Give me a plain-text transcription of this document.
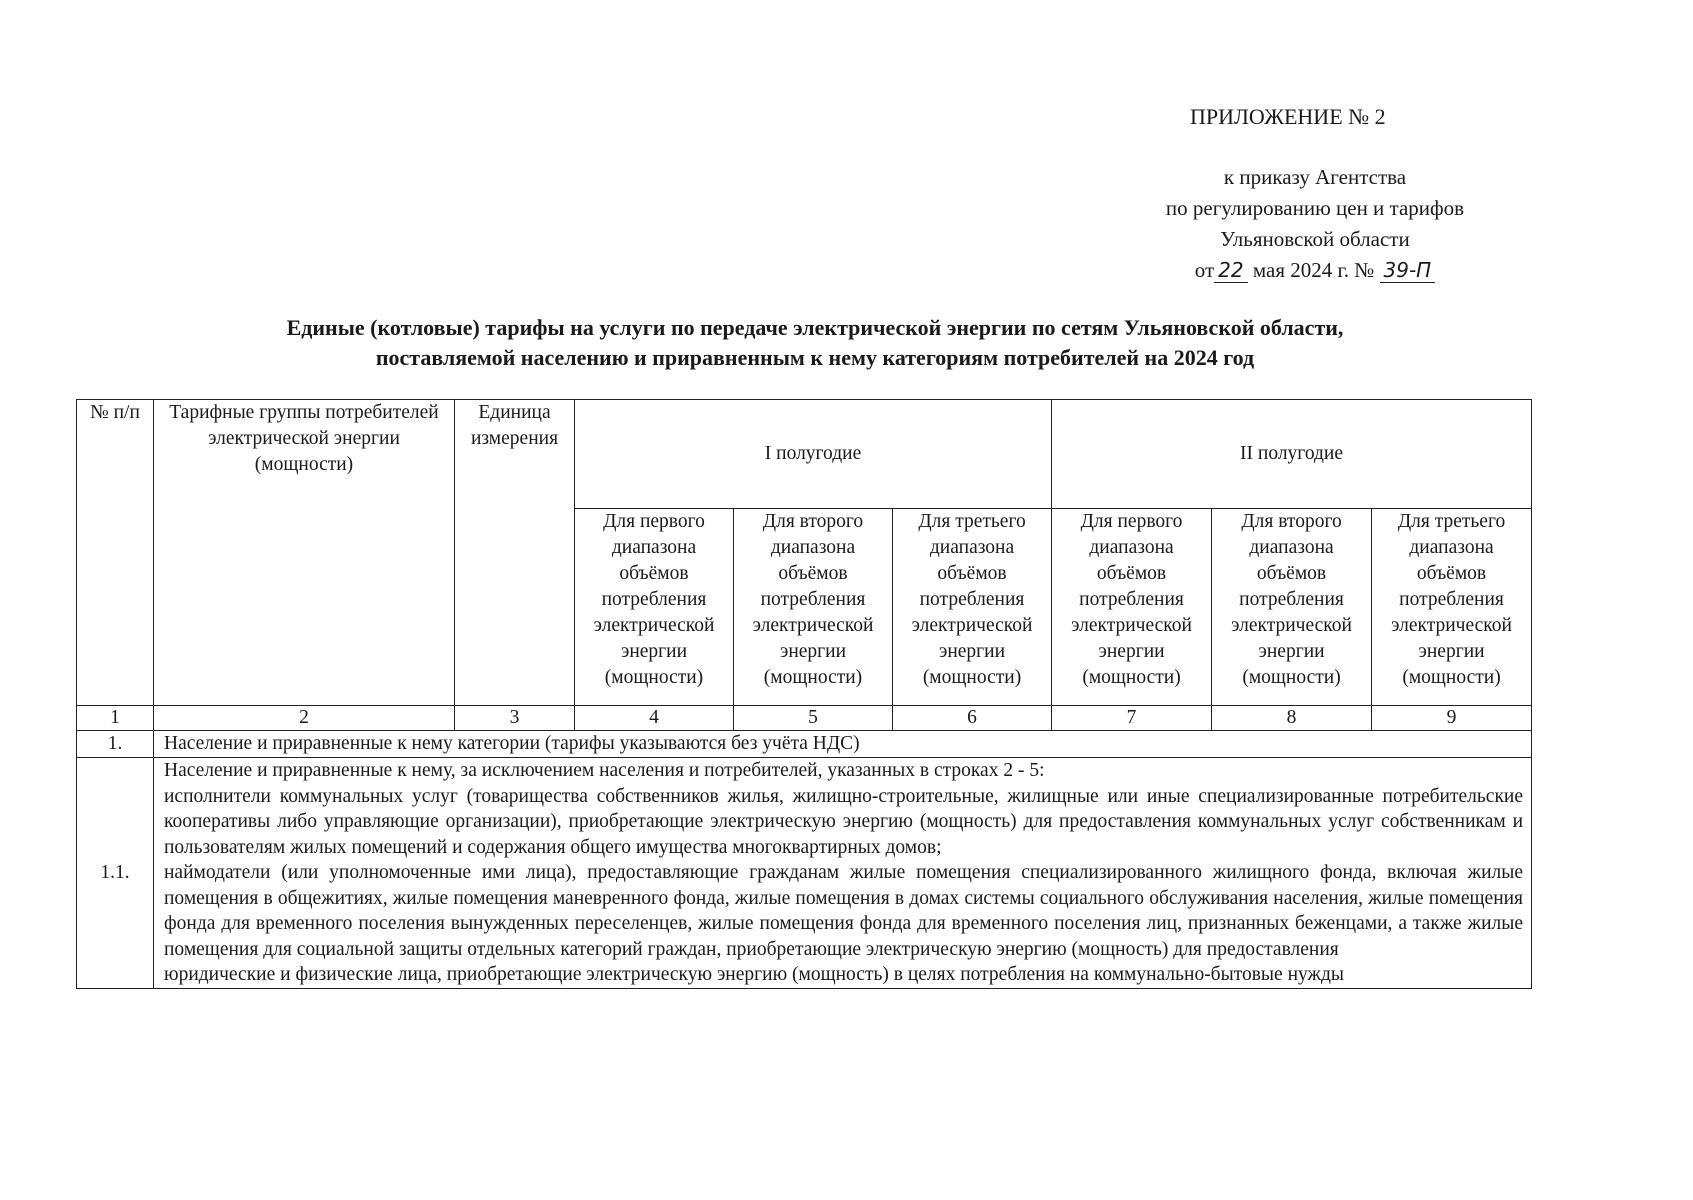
ПРИЛОЖЕНИЕ № 2
к приказу Агентства
по регулированию цен и тарифов
Ульяновской области
от 22 мая 2024 г. № 39-П
Единые (котловые) тарифы на услуги по передаче электрической энергии по сетям Ульяновской области,
поставляемой населению и приравненным к нему категориям потребителей на 2024 год
№ п/п	Тарифные группы потребителей электрической энергии (мощности)	Единица измерения	I полугодие			II полугодие		
			Для первого диапазона объёмов потребления электрической энергии (мощности)	Для второго диапазона объёмов потребления электрической энергии (мощности)	Для третьего диапазона объёмов потребления электрической энергии (мощности)	Для первого диапазона объёмов потребления электрической энергии (мощности)	Для второго диапазона объёмов потребления электрической энергии (мощности)	Для третьего диапазона объёмов потребления электрической энергии (мощности)
1	2	3	4	5	6	7	8	9
1.	Население и приравненные к нему категории (тарифы указываются без учёта НДС)							
1.1.	Население и приравненные к нему, за исключением населения и потребителей, указанных в строках 2 - 5:
исполнители коммунальных услуг (товарищества собственников жилья, жилищно-строительные, жилищные или иные специализированные потребительские кооперативы либо управляющие организации), приобретающие электрическую энергию (мощность) для предоставления коммунальных услуг собственникам и пользователям жилых помещений и содержания общего имущества многоквартирных домов;
наймодатели (или уполномоченные ими лица), предоставляющие гражданам жилые помещения специализированного жилищного фонда, включая жилые помещения в общежитиях, жилые помещения маневренного фонда, жилые помещения в домах системы социального обслуживания населения, жилые помещения фонда для временного поселения вынужденных переселенцев, жилые помещения фонда для временного поселения лиц, признанных беженцами, а также жилые помещения для социальной защиты отдельных категорий граждан, приобретающие электрическую энергию (мощность) для предоставления
юридические и физические лица, приобретающие электрическую энергию (мощность) в целях потребления на коммунально-бытовые нужды							
